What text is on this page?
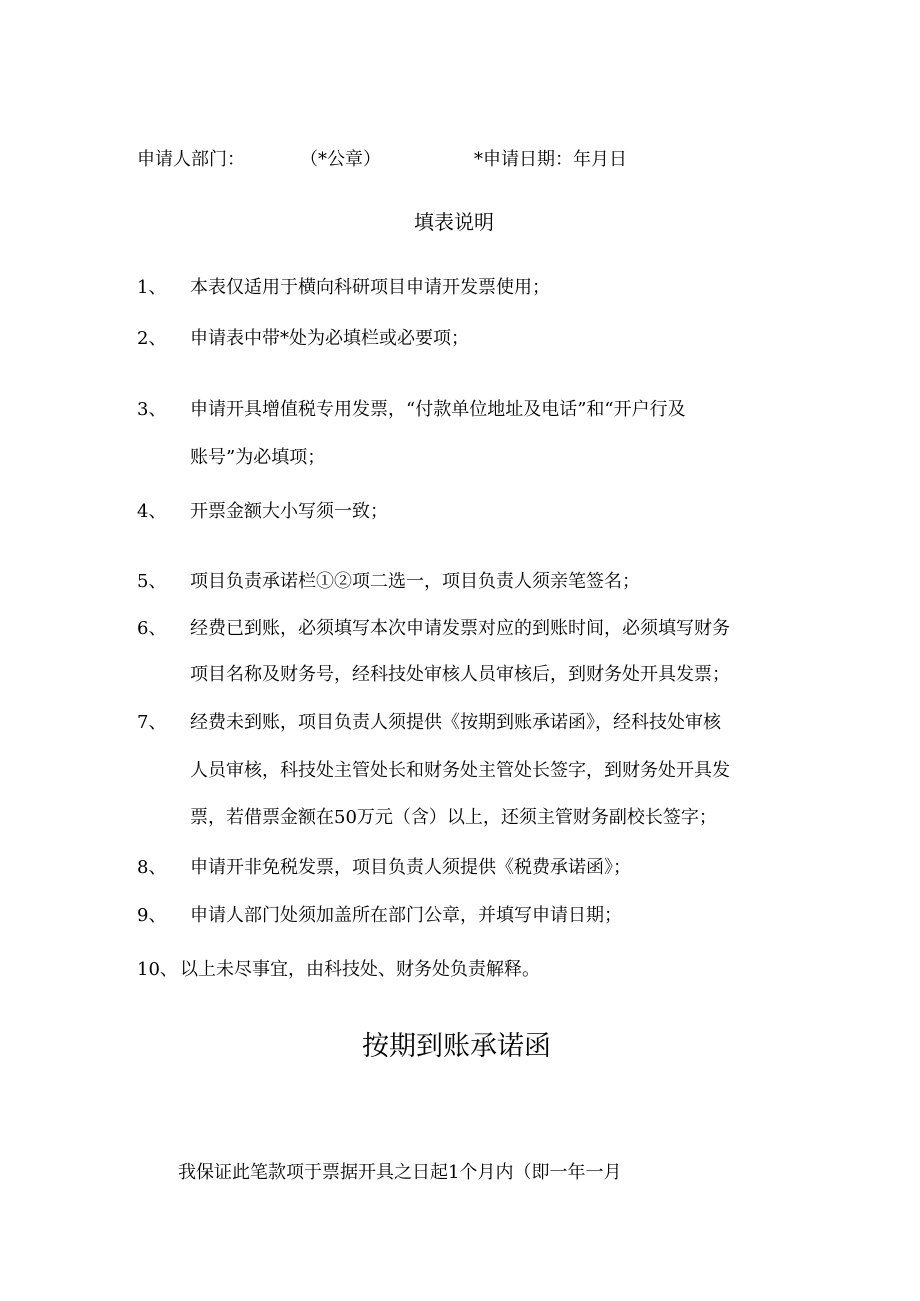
申请人部门：	（*公章）	*申请日期：年月日
填表说明
1、 本表仅适用于横向科研项目申请开发票使用；
2、 申请表中带*处为必填栏或必要项；
3、 申请开具增值税专用发票，“付款单位地址及电话”和“开户行及
账号”为必填项；
4、 开票金额大小写须一致；
5、 项目负责承诺栏①②项二选一，项目负责人须亲笔签名；
6、 经费已到账，必须填写本次申请发票对应的到账时间，必须填写财务
项目名称及财务号，经科技处审核人员审核后，到财务处开具发票；
7、 经费未到账，项目负责人须提供《按期到账承诺函》，经科技处审核
人员审核，科技处主管处长和财务处主管处长签字，到财务处开具发
票，若借票金额在50万元（含）以上，还须主管财务副校长签字；
8、 申请开非免税发票，项目负责人须提供《税费承诺函》；
9、 申请人部门处须加盖所在部门公章，并填写申请日期；
10、 以上未尽事宜，由科技处、财务处负责解释。
按期到账承诺函
我保证此笔款项于票据开具之日起1个月内（即一年一月
